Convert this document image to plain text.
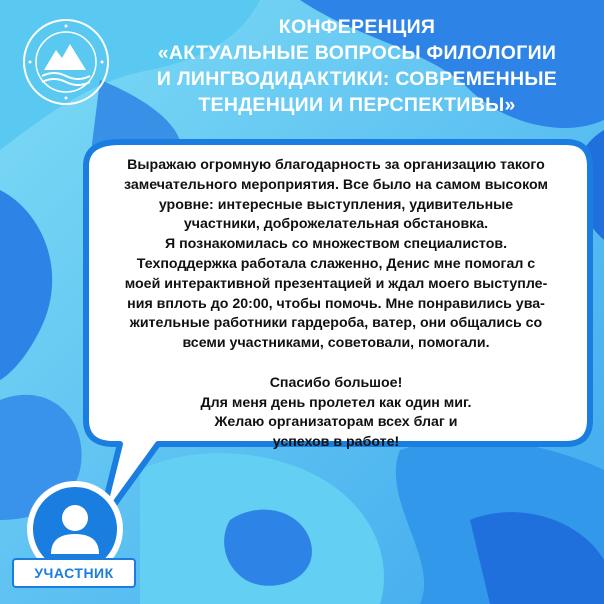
КОНФЕРЕНЦИЯ
«АКТУАЛЬНЫЕ ВОПРОСЫ ФИЛОЛОГИИ
И ЛИНГВОДИДАКТИКИ: СОВРЕМЕННЫЕ
ТЕНДЕНЦИИ И ПЕРСПЕКТИВЫ»
Выражаю огромную благодарность за организацию такого
замечательного мероприятия. Все было на самом высоком
уровне: интересные выступления, удивительные
участники, доброжелательная обстановка.
Я познакомилась со множеством специалистов.
Техподдержка работала слаженно, Денис мне помогал с
моей интерактивной презентацией и ждал моего выступле-
ния вплоть до 20:00, чтобы помочь. Мне понравились ува-
жительные работники гардероба, ватер, они общались со
всеми участниками, советовали, помогали.
Спасибо большое!
Для меня день пролетел как один миг.
Желаю организаторам всех благ и
успехов в работе!
УЧАСТНИК
